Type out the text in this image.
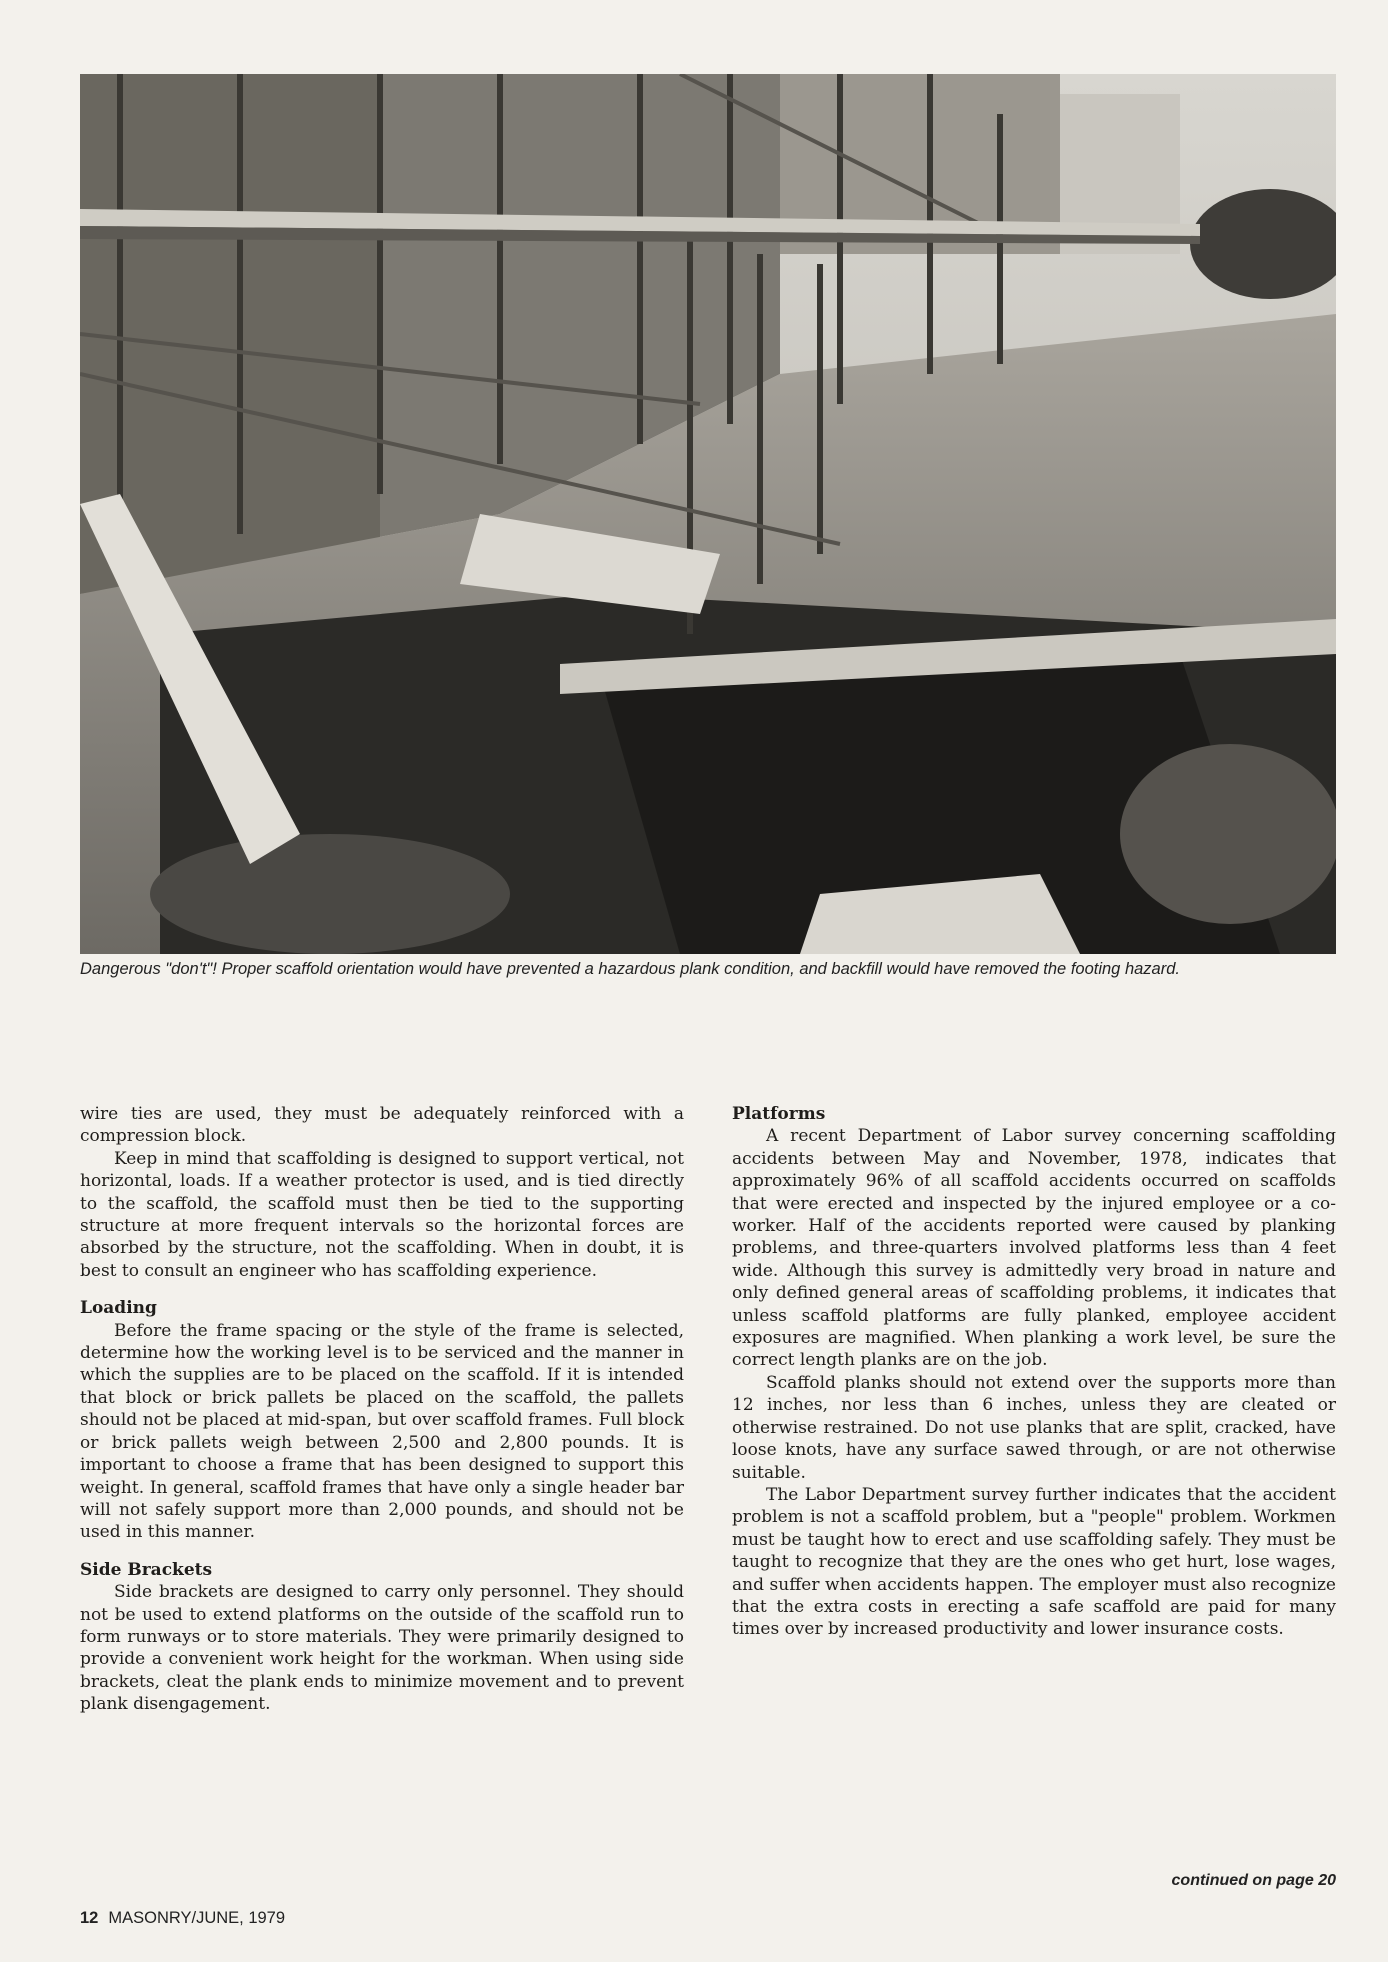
Dangerous "don't"! Proper scaffold orientation would have prevented a hazardous plank condition, and backfill would have removed the footing hazard.

wire ties are used, they must be adequately reinforced with a compression block.

Keep in mind that scaffolding is designed to support vertical, not horizontal, loads. If a weather protector is used, and is tied directly to the scaffold, the scaffold must then be tied to the supporting structure at more frequent intervals so the horizontal forces are absorbed by the structure, not the scaffolding. When in doubt, it is best to consult an engineer who has scaffolding experience.

Loading

Before the frame spacing or the style of the frame is selected, determine how the working level is to be serviced and the manner in which the supplies are to be placed on the scaffold. If it is intended that block or brick pallets be placed on the scaffold, the pallets should not be placed at mid-span, but over scaffold frames. Full block or brick pallets weigh between 2,500 and 2,800 pounds. It is important to choose a frame that has been designed to support this weight. In general, scaffold frames that have only a single header bar will not safely support more than 2,000 pounds, and should not be used in this manner.

Side Brackets

Side brackets are designed to carry only personnel. They should not be used to extend platforms on the outside of the scaffold run to form runways or to store materials. They were primarily designed to provide a convenient work height for the workman. When using side brackets, cleat the plank ends to minimize movement and to prevent plank disengagement.

Platforms

A recent Department of Labor survey concerning scaffolding accidents between May and November, 1978, indicates that approximately 96% of all scaffold accidents occurred on scaffolds that were erected and inspected by the injured employee or a co-worker. Half of the accidents reported were caused by planking problems, and three-quarters involved platforms less than 4 feet wide. Although this survey is admittedly very broad in nature and only defined general areas of scaffolding problems, it indicates that unless scaffold platforms are fully planked, employee accident exposures are magnified. When planking a work level, be sure the correct length planks are on the job.

Scaffold planks should not extend over the supports more than 12 inches, nor less than 6 inches, unless they are cleated or otherwise restrained. Do not use planks that are split, cracked, have loose knots, have any surface sawed through, or are not otherwise suitable.

The Labor Department survey further indicates that the accident problem is not a scaffold problem, but a "people" problem. Workmen must be taught how to erect and use scaffolding safely. They must be taught to recognize that they are the ones who get hurt, lose wages, and suffer when accidents happen. The employer must also recognize that the extra costs in erecting a safe scaffold are paid for many times over by increased productivity and lower insurance costs.

continued on page 20
12 MASONRY/JUNE, 1979
